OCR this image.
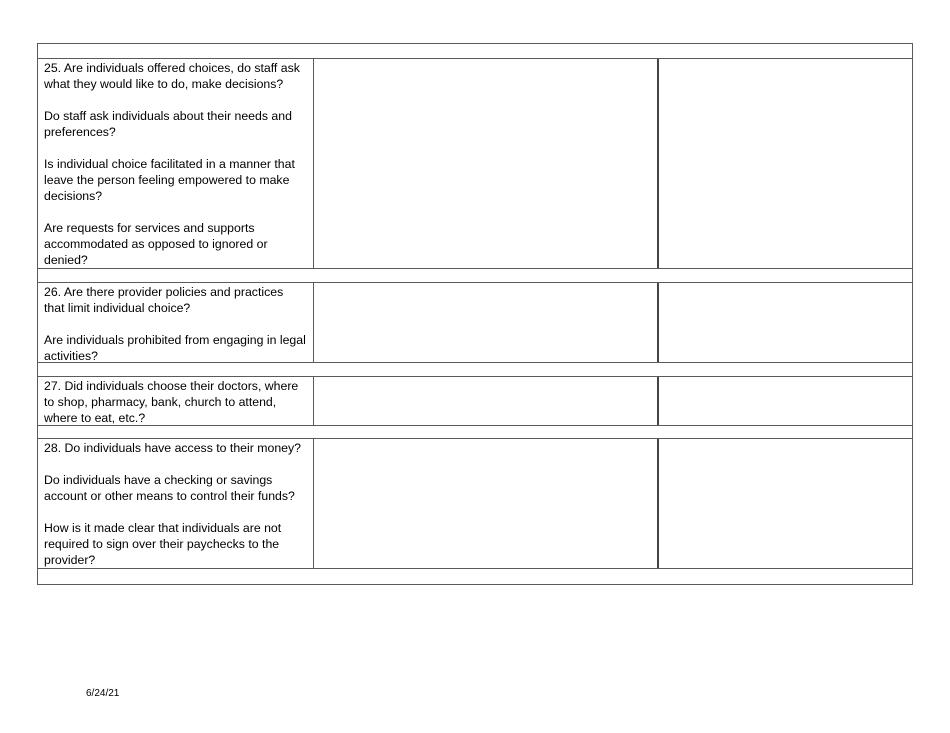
25. Are individuals offered choices, do staff ask what they would like to do, make decisions?

Do staff ask individuals about their needs and preferences?

Is individual choice facilitated in a manner that leave the person feeling empowered to make decisions?

Are requests for services and supports accommodated as opposed to ignored or denied?

26. Are there provider policies and practices that limit individual choice?

Are individuals prohibited from engaging in legal activities?

27. Did individuals choose their doctors, where to shop, pharmacy, bank, church to attend, where to eat, etc.?

28. Do individuals have access to their money?

Do individuals have a checking or savings account or other means to control their funds?

How is it made clear that individuals are not required to sign over their paychecks to the provider?

6/24/21
